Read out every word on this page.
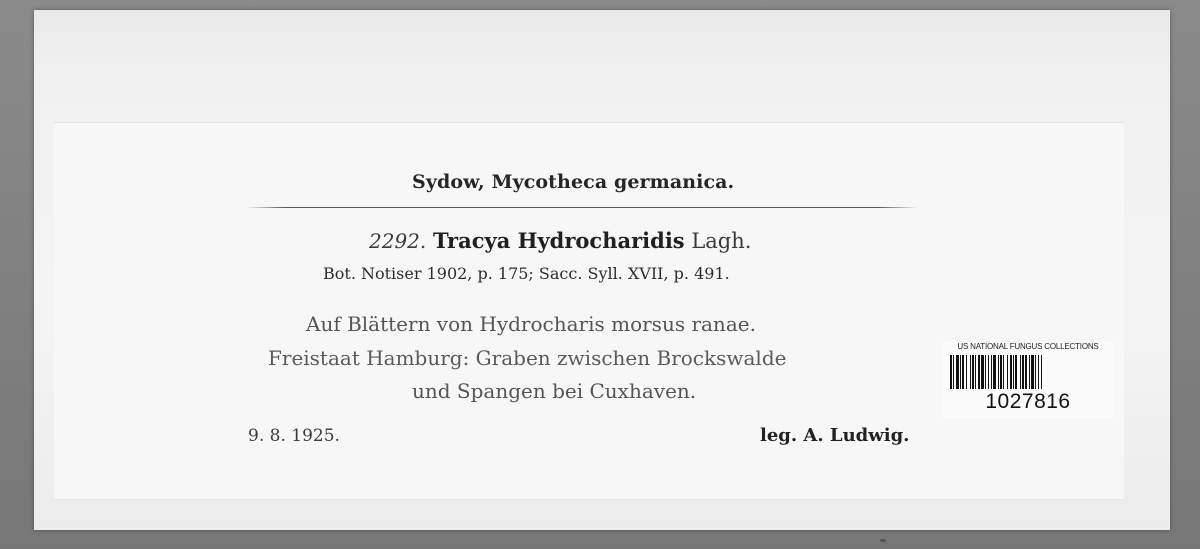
Sydow, Mycotheca germanica.
2292. Tracya Hydrocharidis Lagh.
Bot. Notiser 1902, p. 175; Sacc. Syll. XVII, p. 491.
Auf Blättern von Hydrocharis morsus ranae.
Freistaat Hamburg: Graben zwischen Brockswalde
und Spangen bei Cuxhaven.
9. 8. 1925.	leg. A. Ludwig.
US NATIONAL FUNGUS COLLECTIONS
1027816
